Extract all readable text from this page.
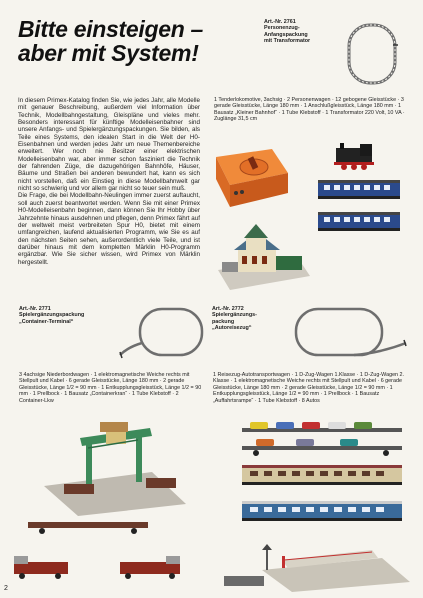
Bitte einsteigen –
aber mit System!
Art.-Nr. 2761
Personenzug-
Anfangspackung
mit Transformator

In diesem Primex-Katalog finden Sie, wie jedes Jahr, alle Modelle mit genauer Beschreibung, außerdem viel Information über Technik, Modellbahngestaltung, Gleispläne und vieles mehr. Besonders interessant für künftige Modelleisenbahner sind unsere Anfangs- und Spielergänzungspackungen. Sie bilden, als Teile eines Systems, den idealen Start in die Welt der H0-Eisenbahnen und werden jedes Jahr um neue Themenbereiche erweitert. Wer noch nie Besitzer einer elektrischen Modelleisenbahn war, aber immer schon fasziniert die Technik der fahrenden Züge, die dazugehörigen Bahnhöfe, Häuser, Bäume und Straßen bei anderen bewundert hat, kann es sich nicht vorstellen, daß ein Einstieg in diese Modellbahnwelt gar nicht so schwierig und vor allem gar nicht so teuer sein muß.

Die Frage, die bei Modellbahn-Neulingen immer zuerst auftaucht, soll auch zuerst beantwortet werden. Wenn Sie mit einer Primex H0-Modelleisenbahn beginnen, dann können Sie Ihr Hobby über Jahrzehnte hinaus ausdehnen und pflegen, denn Primex fährt auf der weltweit meist verbreiteten Spur H0, bietet mit einem umfangreichen, laufend aktualisierten Programm, wie Sie es auf den nächsten Seiten sehen, außerordentlich viele Teile, und ist darüber hinaus mit dem kompletten Märklin H0-Programm ergänzbar. Wie Sie sicher wissen, wird Primex von Märklin hergestellt.

1 Tenderlokomotive, 3achsig · 2 Personenwagen · 12 gebogene Gleisstücke · 3 gerade Gleisstücke, Länge 180 mm · 1 Anschlußgleisstück, Länge 180 mm · 1 Bausatz „Kleiner Bahnhof“ · 1 Tube Klebstoff · 1 Transformator 220 Volt, 10 VA · Zuglänge 31,5 cm
Art.-Nr. 2771
Spielergänzungspackung
„Container-Terminal“
Art.-Nr. 2772
Spielergänzungs-
packung
„Autoreisezug“
3 4achsige Niederbordwagen · 1 elektromagnetische Weiche rechts mit Stellpult und Kabel · 6 gerade Gleisstücke, Länge 180 mm · 2 gerade Gleisstücke, Länge 1/2 = 90 mm · 1 Entkupplungsgleisstück, Länge 1/2 = 90 mm · 1 Prellbock · 1 Bausatz „Containerkran“ · 1 Tube Klebstoff · 2 Container-Lkw
1 Reisezug-Autotransportwagen · 1 D-Zug-Wagen 1.Klasse · 1 D-Zug-Wagen 2. Klasse · 1 elektromagnetische Weiche rechts mit Stellpult und Kabel · 6 gerade Gleisstücke, Länge 180 mm · 2 gerade Gleisstücke, Länge 1/2 = 90 mm · 1 Entkupplungsgleisstück, Länge 1/2 = 90 mm · 1 Prellbock · 1 Bausatz „Auffahrtsrampe“ · 1 Tube Klebstoff · 8 Autos
2
